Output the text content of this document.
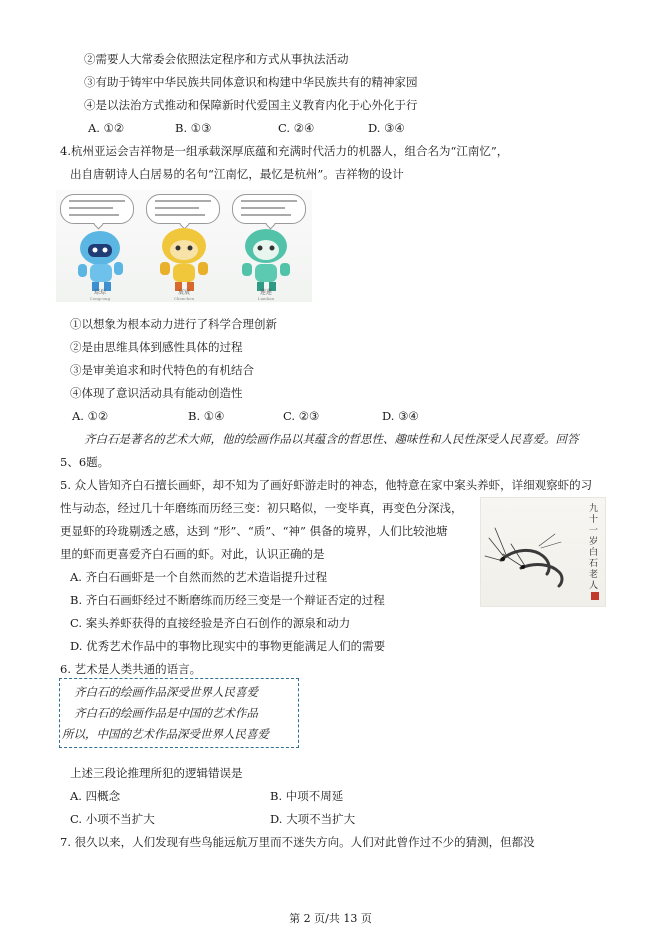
②需要人大常委会依照法定程序和方式从事执法活动
③有助于铸牢中华民族共同体意识和构建中华民族共有的精神家园
④是以法治方式推动和保障新时代爱国主义教育内化于心外化于行
A. ①②	B. ①③	C. ②④	D. ③④
4.杭州亚运会吉祥物是一组承载深厚底蕴和充满时代活力的机器人，组合名为“江南忆”，
出自唐朝诗人白居易的名句“江南忆，最忆是杭州”。吉祥物的设计
琮琮
Congcong
宸宸
Chenchen
莲莲
Lianlian
①以想象为根本动力进行了科学合理创新
②是由思维具体到感性具体的过程
③是审美追求和时代特色的有机结合
④体现了意识活动具有能动创造性
A. ①②	B. ①④	C. ②③	D. ③④
齐白石是著名的艺术大师，他的绘画作品以其蕴含的哲思性、趣味性和人民性深受人民喜爱。回答
5、6题。
5. 众人皆知齐白石擅长画虾，却不知为了画好虾游走时的神态，他特意在家中案头养虾，详细观察虾的习
性与动态，经过几十年磨练而历经三变：初只略似，一变毕真，再变色分深浅，
更显虾的玲珑剔透之感，达到 “形”、“质”、“神” 俱备的境界，人们比较池塘
里的虾而更喜爱齐白石画的虾。对此，认识正确的是
九十一岁白石老人
A. 齐白石画虾是一个自然而然的艺术造诣提升过程
B. 齐白石画虾经过不断磨练而历经三变是一个辩证否定的过程
C. 案头养虾获得的直接经验是齐白石创作的源泉和动力
D. 优秀艺术作品中的事物比现实中的事物更能满足人们的需要
6. 艺术是人类共通的语言。
齐白石的绘画作品深受世界人民喜爱
齐白石的绘画作品是中国的艺术作品
所以，中国的艺术作品深受世界人民喜爱
上述三段论推理所犯的逻辑错误是
A. 四概念	B. 中项不周延
C. 小项不当扩大	D. 大项不当扩大
7. 很久以来，人们发现有些鸟能远航万里而不迷失方向。人们对此曾作过不少的猜测，但都没
第 2 页/共 13 页
